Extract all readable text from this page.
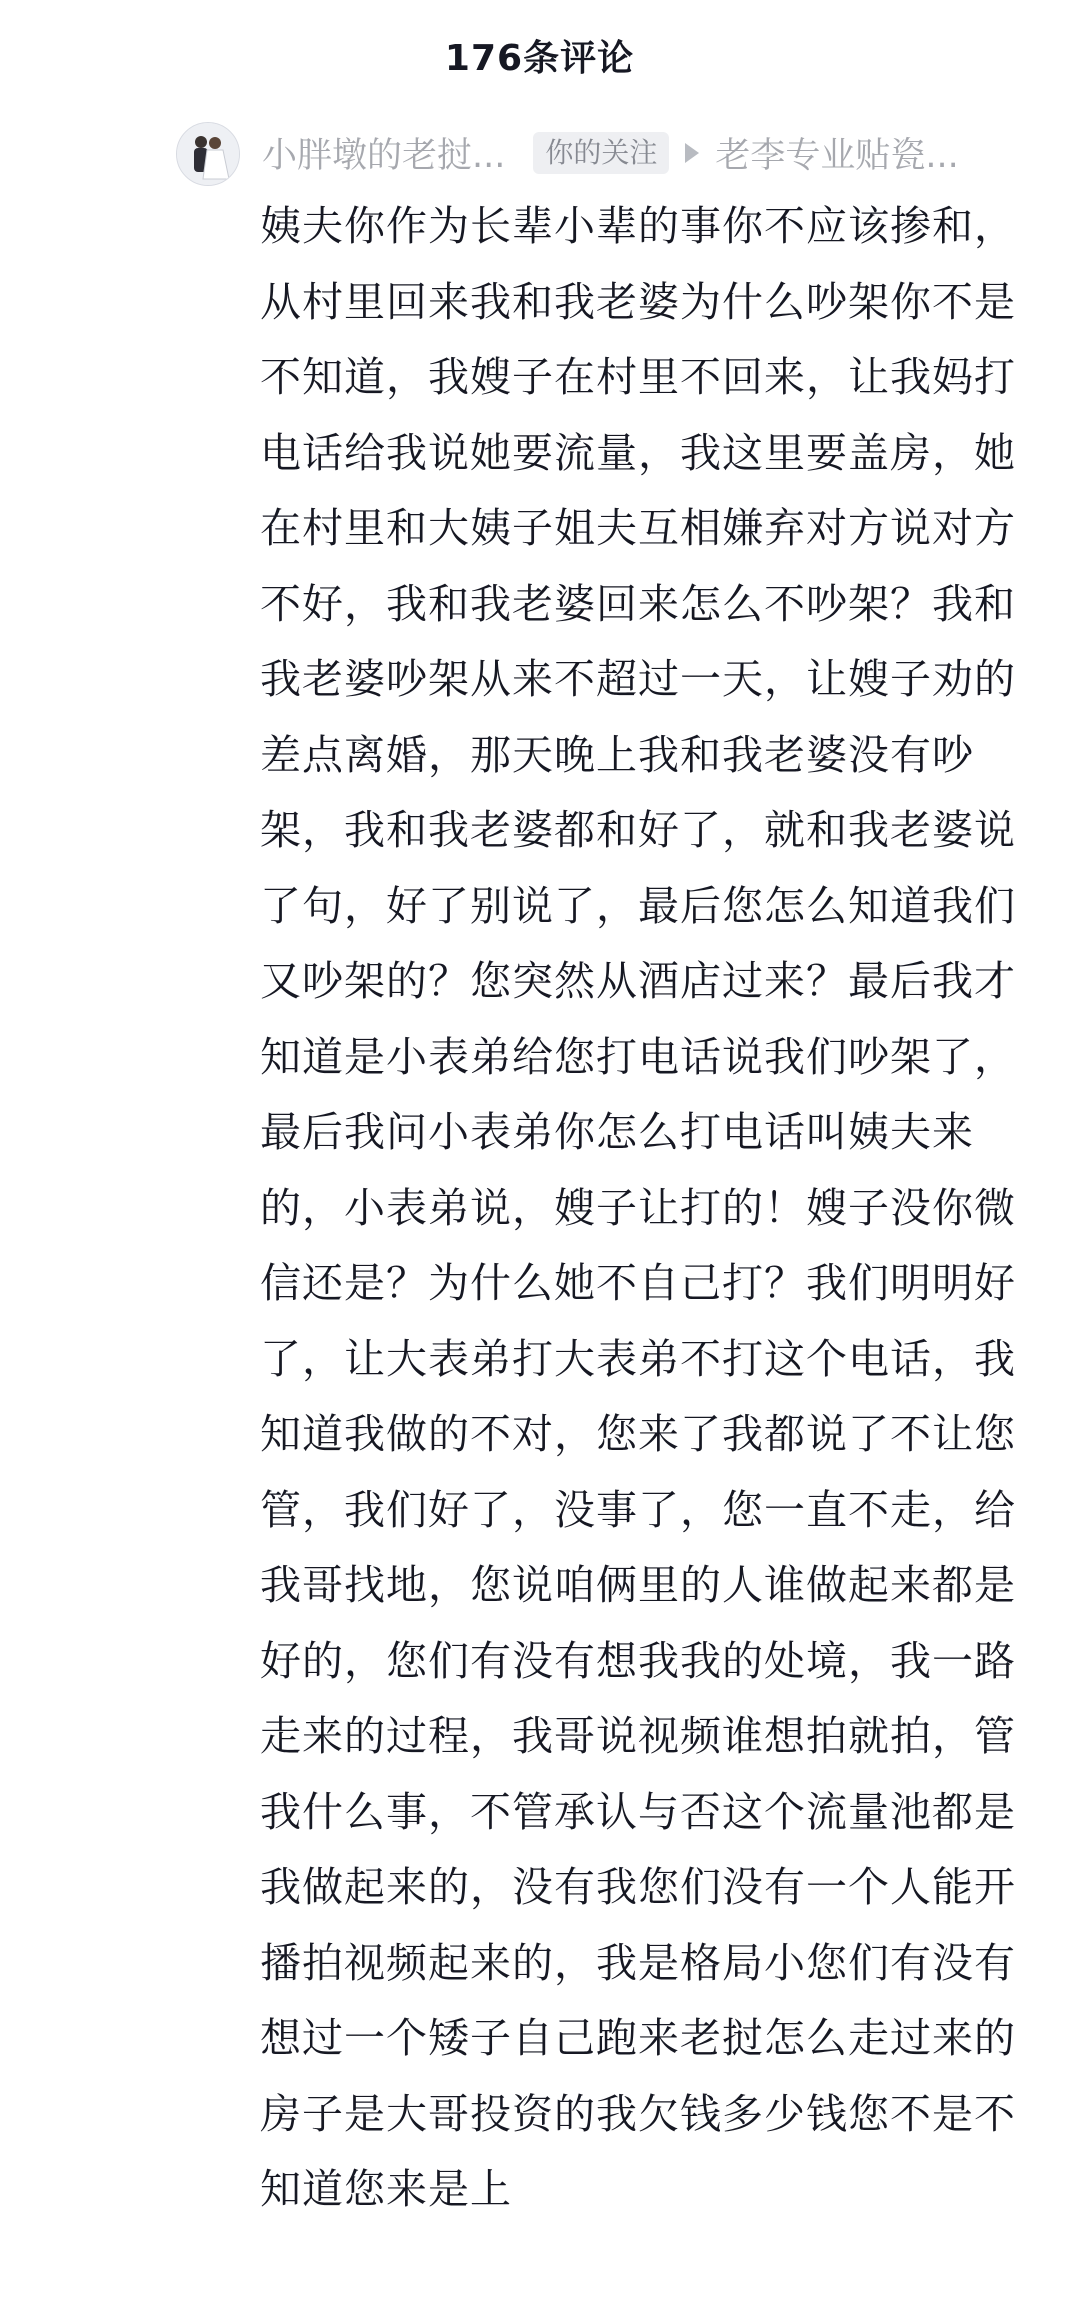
176条评论
小胖墩的老挝...	你的关注	老李专业贴瓷...

姨夫你作为长辈小辈的事你不应该掺和，从村里回来我和我老婆为什么吵架你不是不知道，我嫂子在村里不回来，让我妈打电话给我说她要流量，我这里要盖房，她在村里和大姨子姐夫互相嫌弃对方说对方不好，我和我老婆回来怎么不吵架？我和我老婆吵架从来不超过一天，让嫂子劝的差点离婚，那天晚上我和我老婆没有吵架，我和我老婆都和好了，就和我老婆说了句，好了别说了，最后您怎么知道我们又吵架的？您突然从酒店过来？最后我才知道是小表弟给您打电话说我们吵架了，最后我问小表弟你怎么打电话叫姨夫来的，小表弟说，嫂子让打的！嫂子没你微信还是？为什么她不自己打？我们明明好了，让大表弟打大表弟不打这个电话，我知道我做的不对，您来了我都说了不让您管，我们好了，没事了，您一直不走，给我哥找地，您说咱俩里的人谁做起来都是好的，您们有没有想我我的处境，我一路走来的过程，我哥说视频谁想拍就拍，管我什么事，不管承认与否这个流量池都是我做起来的，没有我您们没有一个人能开播拍视频起来的，我是格局小您们有没有想过一个矮子自己跑来老挝怎么走过来的房子是大哥投资的我欠钱多少钱您不是不知道您来是上
